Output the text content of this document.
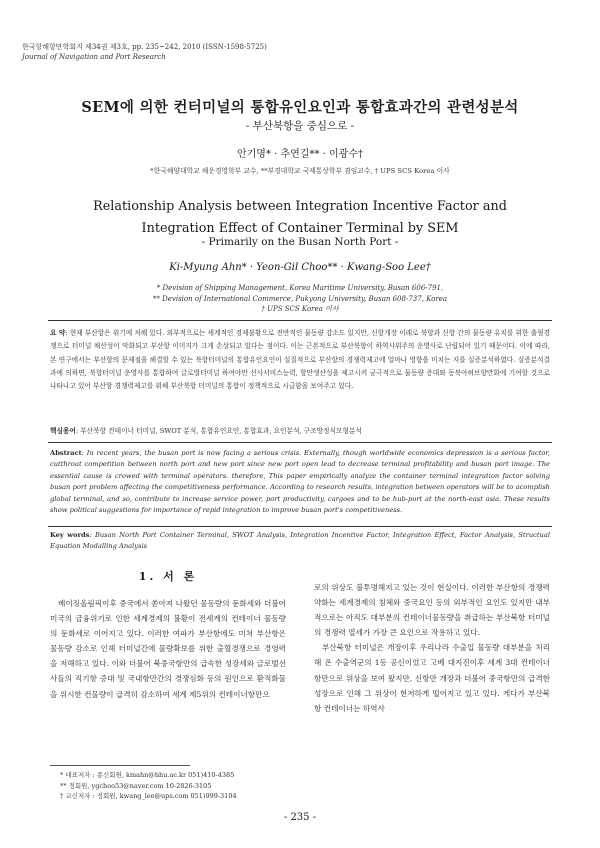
한국항해항만학회지 제34권 제3호, pp. 235~242, 2010 (ISSN-1598-5725)
Journal of Navigation and Port Research
SEM에 의한 컨터미널의 통합유인요인과 통합효과간의 관련성분석
- 부산북항을 중심으로 -
안기명* · 추연길** · 이광수†
*한국해양대학교 해운경영학부 교수, **부경대학교 국제통상학부 겸임교수, † UPS SCS Korea 이사
Relationship Analysis between Integration Incentive Factor and
Integration Effect of Container Terminal by SEM
- Primarily on the Busan North Port -
Ki-Myung Ahn* · Yeon-Gil Choo** · Kwang-Soo Lee†
* Devision of Shipping Management, Korea Maritime University, Busan 606-791,
** Devision of International Commerce, Pukyong University, Busan 608-737, Korea
† UPS SCS Korea 이사
요 약: 현재 부산항은 위기에 처해 있다. 외부적으로는 세계적인 경제불황으로 전반적인 물동량 감소도 있지만, 신항개장 이래로 북항과 신항 간의 물동량 유치를 위한 출혈경쟁으로 터미널 채산성이 악화되고 부산항 이미지가 크게 손상되고 있다는 점이다. 이는 근본적으로 부산북항이 하역사위주의 운영사로 난립되어 있기 때문이다. 이에 따라, 본 연구에서는 부산항의 문제점을 해결할 수 있는 북항터미널의 통합유인요인이 실질적으로 부산항의 경쟁력제고에 얼마나 영향을 미치는 지를 실증분석하였다. 실증분석결과에 의하면, 북항터미널 운영사를 통합하여 글로벌터미널 하여야만 선사서비스능력, 항만생산성을 제고시켜 궁극적으로 물동량 증대와 동북아허브항만화에 기여할 것으로 나타나고 있어 부산항 경쟁력제고를 위해 부산북항 터미널의 통합이 정책적으로 시급함을 보여주고 있다.
핵심용어: 부산북항 컨테이너 터미널, SWOT 분석, 통합유인요인, 통합효과, 요인분석, 구조방정식모형분석
Abstract: In recent years, the busan port is now facing a serious crisis. Externally, though worldwide economics depression is a serious factor, cutthroat competition between north port and new port since new port open lead to decrease terminal profitability and busan port image. The essential cause is crowed with terminal operators. therefore, This paper empirically analyze the container terminal integration factor solving busan port problem affecting the competitiveness performance. According to research results, integration between operators will be to acomplish global terminal, and so, contribute to increase service power, port productivity, cargoes and to be hub-port at the north-east asia. These results show political suggestions for importance of repid integration to improve busan port's competitiveness.
Key words: Busan North Port Container Terminal, SWOT Analysis, Integration Incentive Factor, Integration Effect, Factor Analysis, Structual Equation Modalling Analysis
1. 서 론
베이징올림픽이후 중국에서 쏟아져 나왔던 물동량의 둔화세와 더불어 미국의 금융위기로 인한 세계경제의 불황이 전세계의 컨테이너 물동량의 둔화세로 이어지고 있다. 이러한 여파가 부산항에도 미쳐 부산항은 물동량 감소로 인해 터미널간에 물량확보를 위한 출혈경쟁으로 경영력을 저해하고 있다. 이와 더불어 북중국항만의 급속한 성장세와 글로벌선사들의 직기항 증대 및 국내항만간의 경쟁심화 등의 원인으로 환적화물을 위시한 컨물량이 급격히 감소하여 세계 제5위의 컨테이너항만으
로의 위상도 불투명해지고 있는 것이 현실이다. 이러한 부산항의 경쟁력 약화는 세계경제의 침체와 중국요인 등의 외부적인 요인도 있지만 내부적으로는 아직도 대부분의 컨테이너물동량을 취급하는 부산북항 터미널의 경쟁력 열세가 가장 큰 요인으로 작용하고 있다.
부산북항 터미널은 개장이후 우리나라 수출입 물동량 대부분을 처리해 온 수출역군의 1등 공신이었고 고베 대지진이후 세계 3대 컨테이너항만으로 위상을 보여 왔지만, 신항만 개장과 더불어 중국항만의 급격한 성장으로 인해 그 위상이 현저하게 떨어지고 있고 있다. 게다가 부산북항 컨테이너는 하역사
* 대표저자 : 종신회원, kmahn@hhu.ac.kr 051)410-4385
** 정회원, ygchoo53@naver.com 10-2826-3105
† 교신저자 : 정회원, kwang_lee@ups.com 051)999-3104
- 235 -
